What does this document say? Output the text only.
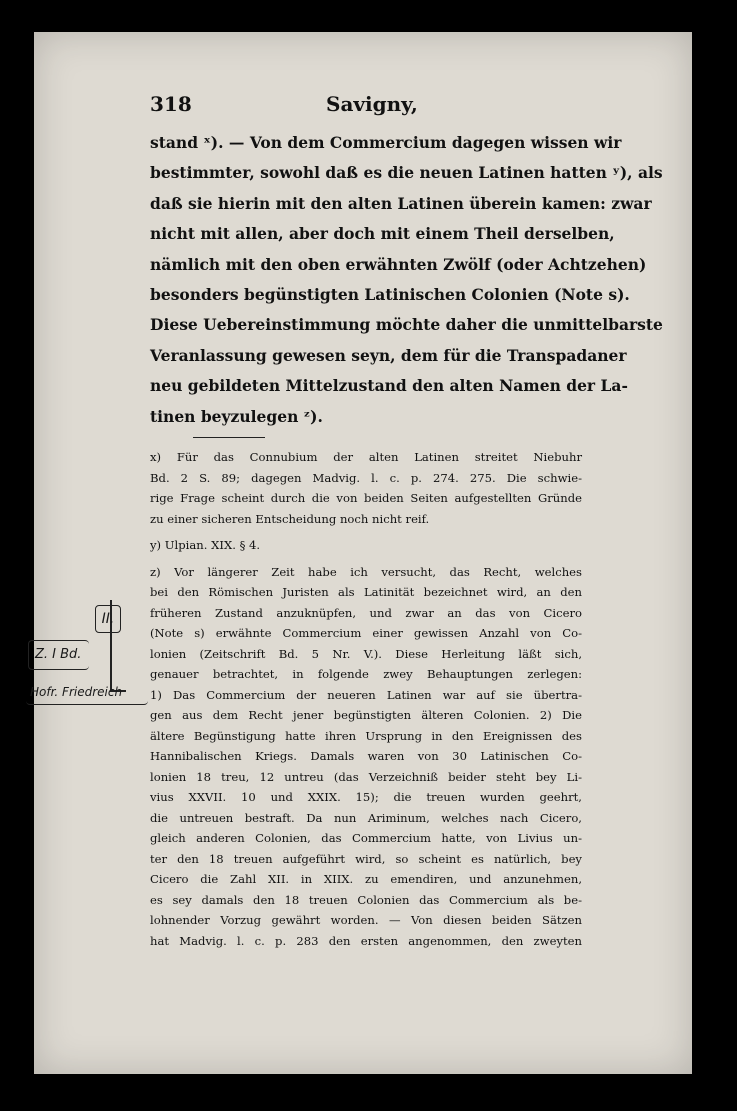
318	Savigny,
stand ˣ). — Von dem Commercium dagegen wissen wir
bestimmter, sowohl daß es die neuen Latinen hatten ʸ), als
daß sie hierin mit den alten Latinen überein kamen: zwar
nicht mit allen, aber doch mit einem Theil derselben,
nämlich mit den oben erwähnten Zwölf (oder Achtzehen)
besonders begünstigten Latinischen Colonien (Note s).
Diese Uebereinstimmung möchte daher die unmittelbarste
Veranlassung gewesen seyn, dem für die Transpadaner
neu gebildeten Mittelzustand den alten Namen der La-
tinen beyzulegen ᶻ).
x) Für das Connubium der alten Latinen streitet Niebuhr
Bd. 2 S. 89; dagegen Madvig. l. c. p. 274. 275. Die schwie-
rige Frage scheint durch die von beiden Seiten aufgestellten Gründe
zu einer sicheren Entscheidung noch nicht reif.
y) Ulpian. XIX. § 4.
z) Vor längerer Zeit habe ich versucht, das Recht, welches
bei den Römischen Juristen als Latinität bezeichnet wird, an den
früheren Zustand anzuknüpfen, und zwar an das von Cicero
(Note s) erwähnte Commercium einer gewissen Anzahl von Co-
lonien (Zeitschrift Bd. 5 Nr. V.). Diese Herleitung läßt sich,
genauer betrachtet, in folgende zwey Behauptungen zerlegen:
1) Das Commercium der neueren Latinen war auf sie übertra-
gen aus dem Recht jener begünstigten älteren Colonien. 2) Die
ältere Begünstigung hatte ihren Ursprung in den Ereignissen des
Hannibalischen Kriegs. Damals waren von 30 Latinischen Co-
lonien 18 treu, 12 untreu (das Verzeichniß beider steht bey Li-
vius XXVII. 10 und XXIX. 15); die treuen wurden geehrt,
die untreuen bestraft. Da nun Ariminum, welches nach Cicero,
gleich anderen Colonien, das Commercium hatte, von Livius un-
ter den 18 treuen aufgeführt wird, so scheint es natürlich, bey
Cicero die Zahl XII. in XIIX. zu emendiren, und anzunehmen,
es sey damals den 18 treuen Colonien das Commercium als be-
lohnender Vorzug gewährt worden. — Von diesen beiden Sätzen
hat Madvig. l. c. p. 283 den ersten angenommen, den zweyten
Z. I Bd.
II.
Hofr. Friedreich
